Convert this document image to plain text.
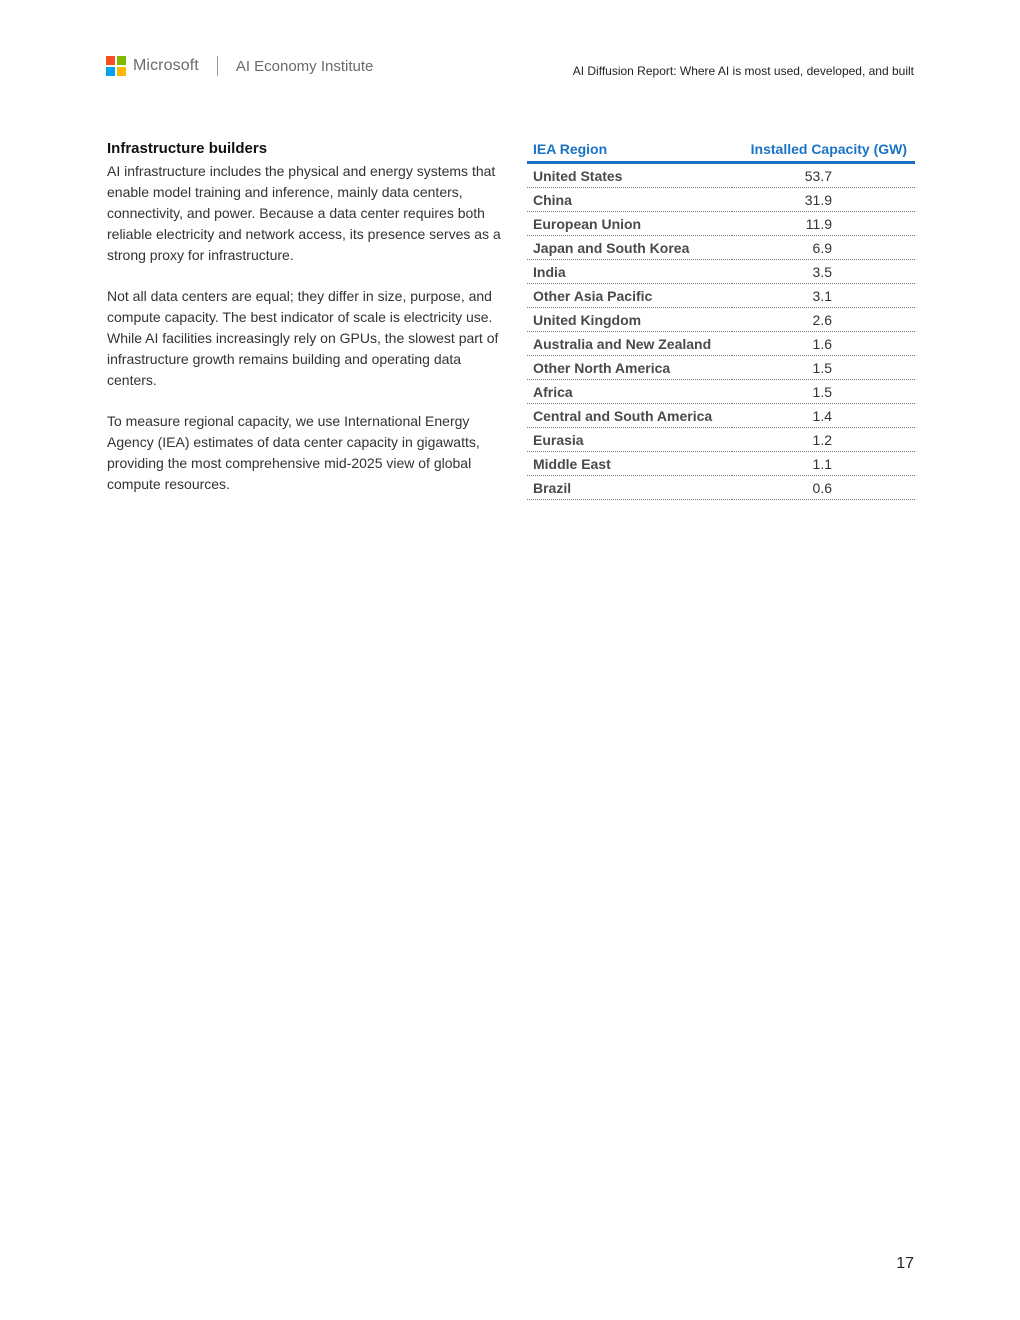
Microsoft AI Economy Institute	AI Diffusion Report: Where AI is most used, developed, and built
Infrastructure builders

AI infrastructure includes the physical and energy systems that enable model training and inference, mainly data centers, connectivity, and power. Because a data center requires both reliable electricity and network access, its presence serves as a strong proxy for infrastructure.

Not all data centers are equal; they differ in size, purpose, and compute capacity. The best indicator of scale is electricity use. While AI facilities increasingly rely on GPUs, the slowest part of infrastructure growth remains building and operating data centers.

To measure regional capacity, we use International Energy Agency (IEA) estimates of data center capacity in gigawatts, providing the most comprehensive mid-2025 view of global compute resources.

IEA Region	Installed Capacity (GW)
United States	53.7
China	31.9
European Union	11.9
Japan and South Korea	6.9
India	3.5
Other Asia Pacific	3.1
United Kingdom	2.6
Australia and New Zealand	1.6
Other North America	1.5
Africa	1.5
Central and South America	1.4
Eurasia	1.2
Middle East	1.1
Brazil	0.6
17
